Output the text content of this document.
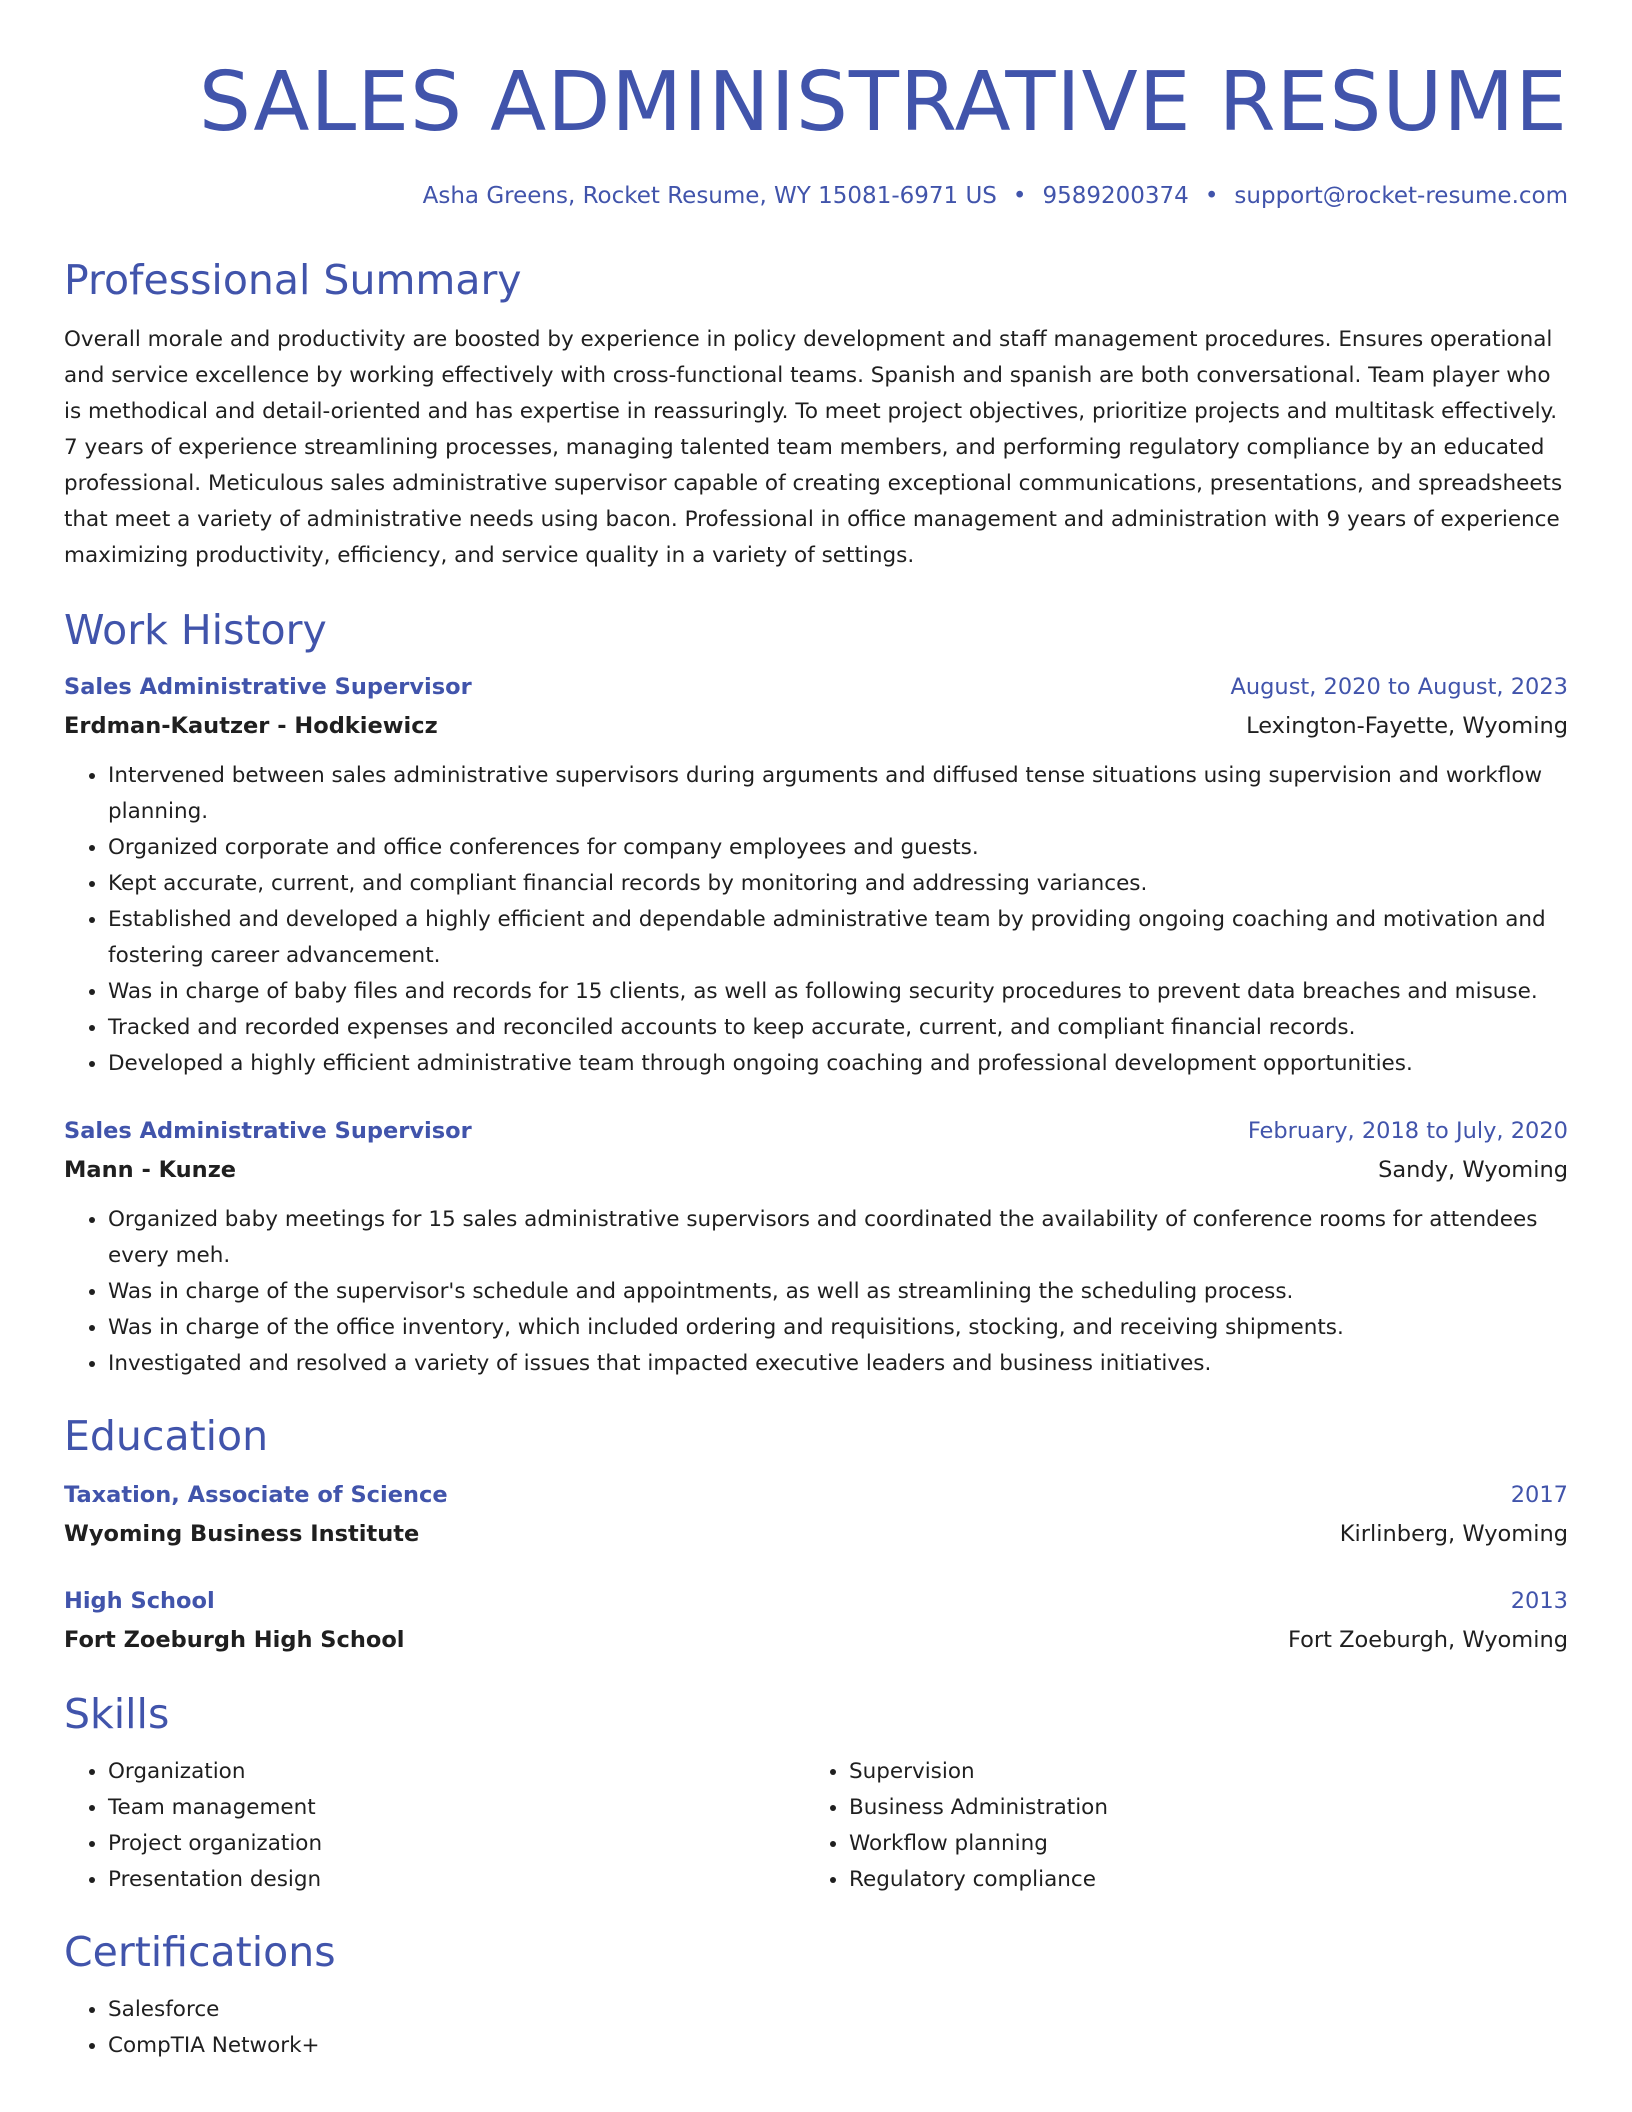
SALES ADMINISTRATIVE RESUME
Asha Greens, Rocket Resume, WY 15081-6971 US • 9589200374 • support@rocket-resume.com
Professional Summary
Overall morale and productivity are boosted by experience in policy development and staff management procedures. Ensures operational and service excellence by working effectively with cross-functional teams. Spanish and spanish are both conversational. Team player who is methodical and detail-oriented and has expertise in reassuringly. To meet project objectives, prioritize projects and multitask effectively. 7 years of experience streamlining processes, managing talented team members, and performing regulatory compliance by an educated professional. Meticulous sales administrative supervisor capable of creating exceptional communications, presentations, and spreadsheets that meet a variety of administrative needs using bacon. Professional in office management and administration with 9 years of experience maximizing productivity, efficiency, and service quality in a variety of settings.
Work History
Sales Administrative Supervisor	August, 2020 to August, 2023
Erdman-Kautzer - Hodkiewicz	Lexington-Fayette, Wyoming
• Intervened between sales administrative supervisors during arguments and diffused tense situations using supervision and workflow planning.
• Organized corporate and office conferences for company employees and guests.
• Kept accurate, current, and compliant financial records by monitoring and addressing variances.
• Established and developed a highly efficient and dependable administrative team by providing ongoing coaching and motivation and fostering career advancement.
• Was in charge of baby files and records for 15 clients, as well as following security procedures to prevent data breaches and misuse.
• Tracked and recorded expenses and reconciled accounts to keep accurate, current, and compliant financial records.
• Developed a highly efficient administrative team through ongoing coaching and professional development opportunities.
Sales Administrative Supervisor	February, 2018 to July, 2020
Mann - Kunze	Sandy, Wyoming
• Organized baby meetings for 15 sales administrative supervisors and coordinated the availability of conference rooms for attendees every meh.
• Was in charge of the supervisor's schedule and appointments, as well as streamlining the scheduling process.
• Was in charge of the office inventory, which included ordering and requisitions, stocking, and receiving shipments.
• Investigated and resolved a variety of issues that impacted executive leaders and business initiatives.
Education
Taxation, Associate of Science	2017
Wyoming Business Institute	Kirlinberg, Wyoming
High School	2013
Fort Zoeburgh High School	Fort Zoeburgh, Wyoming
Skills
• Organization
• Team management
• Project organization
• Presentation design
• Supervision
• Business Administration
• Workflow planning
• Regulatory compliance
Certifications
• Salesforce
• CompTIA Network+
